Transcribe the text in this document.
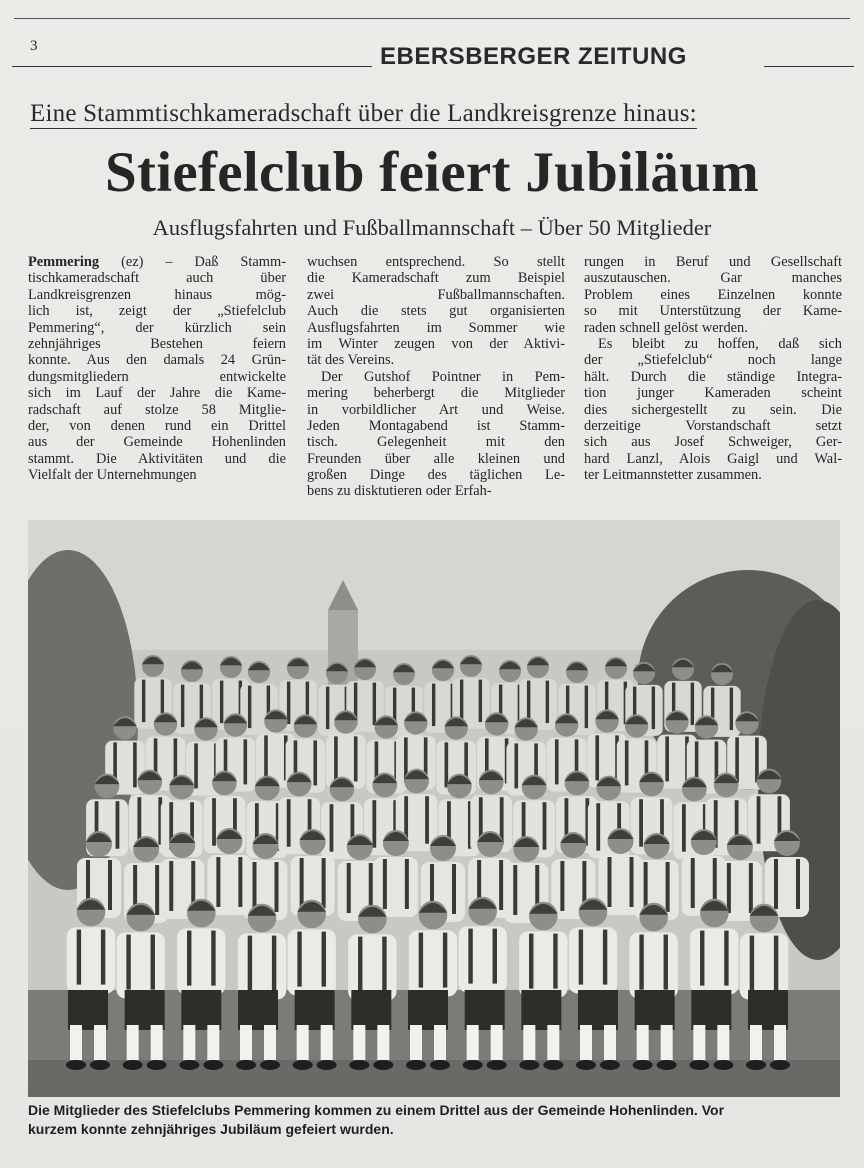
3	EBERSBERGER ZEITUNG
Eine Stammtischkameradschaft über die Landkreisgrenze hinaus:
Stiefelclub feiert Jubiläum
Ausflugsfahrten und Fußballmannschaft – Über 50 Mitglieder
Pemmering (ez) – Daß Stamm-
tischkameradschaft auch über
Landkreisgrenzen hinaus mög-
lich ist, zeigt der „Stiefelclub
Pemmering“, der kürzlich sein
zehnjähriges Bestehen feiern
konnte. Aus den damals 24 Grün-
dungsmitgliedern entwickelte
sich im Lauf der Jahre die Kame-
radschaft auf stolze 58 Mitglie-
der, von denen rund ein Drittel
aus der Gemeinde Hohenlinden
stammt. Die Aktivitäten und die
Vielfalt der Unternehmungen
wuchsen entsprechend. So stellt
die Kameradschaft zum Beispiel
zwei Fußballmannschaften.
Auch die stets gut organisierten
Ausflugsfahrten im Sommer wie
im Winter zeugen von der Aktivi-
tät des Vereins.
Der Gutshof Pointner in Pem-
mering beherbergt die Mitglieder
in vorbildlicher Art und Weise.
Jeden Montagabend ist Stamm-
tisch. Gelegenheit mit den
Freunden über alle kleinen und
großen Dinge des täglichen Le-
bens zu disktutieren oder Erfah-
rungen in Beruf und Gesellschaft
auszutauschen. Gar manches
Problem eines Einzelnen konnte
so mit Unterstützung der Kame-
raden schnell gelöst werden.
Es bleibt zu hoffen, daß sich
der „Stiefelclub“ noch lange
hält. Durch die ständige Integra-
tion junger Kameraden scheint
dies sichergestellt zu sein. Die
derzeitige Vorstandschaft setzt
sich aus Josef Schweiger, Ger-
hard Lanzl, Alois Gaigl und Wal-
ter Leitmannstetter zusammen.
Die Mitglieder des Stiefelclubs Pemmering kommen zu einem Drittel aus der Gemeinde Hohenlinden. Vor
kurzem konnte zehnjähriges Jubiläum gefeiert wurden.
